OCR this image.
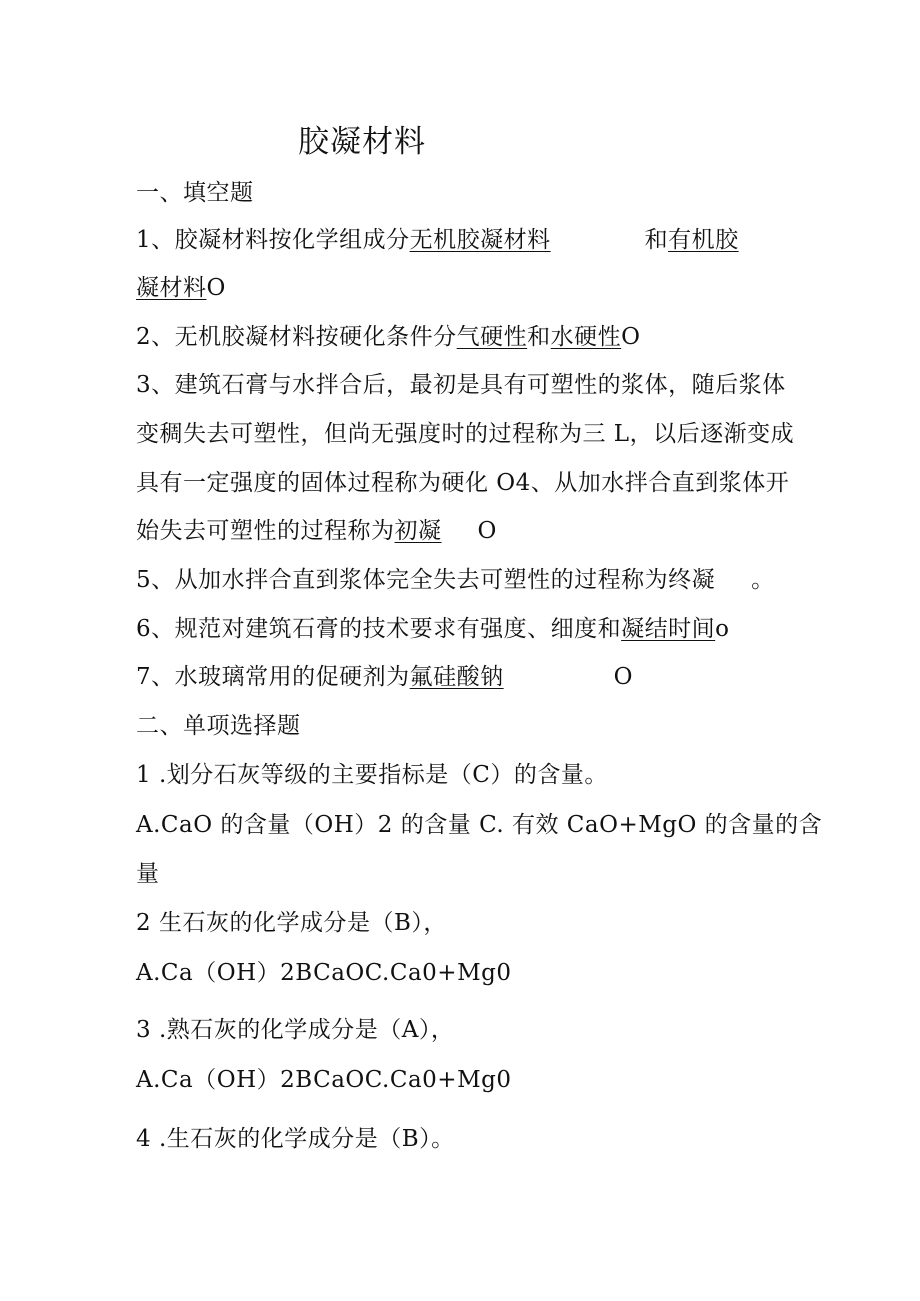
胶凝材料
一、填空题
1、胶凝材料按化学组成分无机胶凝材料	和有机胶
凝材料O
2、无机胶凝材料按硬化条件分气硬性和水硬性O
3、建筑石膏与水拌合后，最初是具有可塑性的浆体，随后浆体
变稠失去可塑性，但尚无强度时的过程称为三 L，以后逐渐变成
具有一定强度的固体过程称为硬化 O4、从加水拌合直到浆体开
始失去可塑性的过程称为初凝 O
5、从加水拌合直到浆体完全失去可塑性的过程称为终凝 。
6、规范对建筑石膏的技术要求有强度、细度和凝结时间o
7、水玻璃常用的促硬剂为氟硅酸钠	O
二、单项选择题
1 .划分石灰等级的主要指标是（C）的含量。
A.CaO 的含量（OH）2 的含量 C. 有效 CaO+MgO 的含量的含
量
2 生石灰的化学成分是（B），
A.Ca（OH）2BCaOC.Ca0+Mg0
3 .熟石灰的化学成分是（A），
A.Ca（OH）2BCaOC.Ca0+Mg0
4 .生石灰的化学成分是（B）。
